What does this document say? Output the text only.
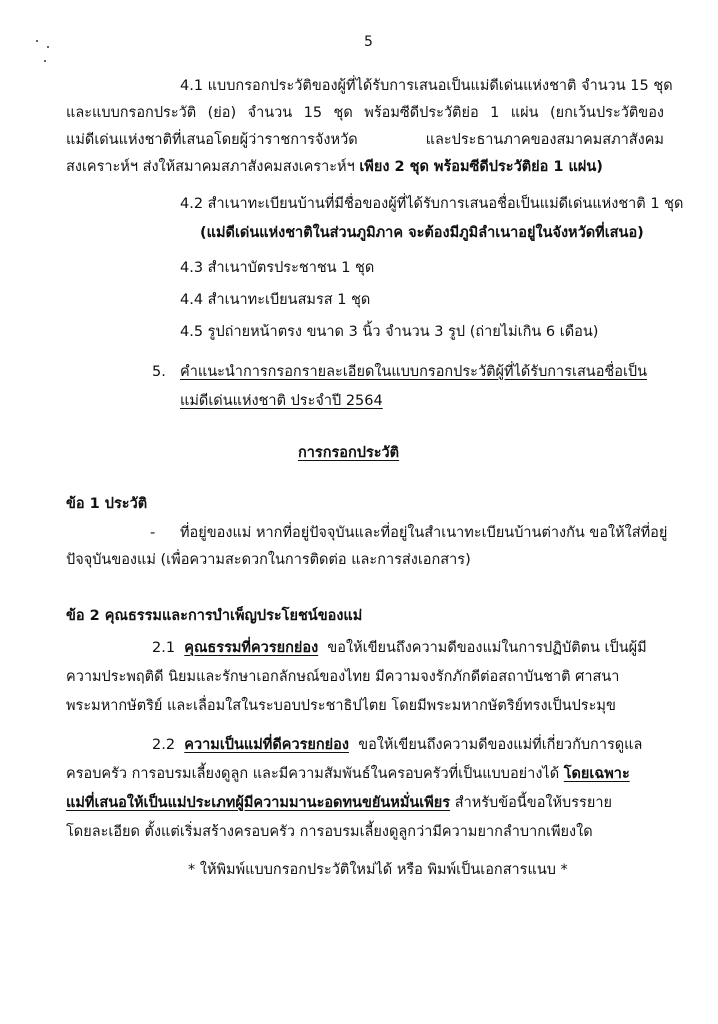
5
4.1 แบบกรอกประวัติของผู้ที่ได้รับการเสนอเป็นแม่ดีเด่นแห่งชาติ จำนวน 15 ชุด
และแบบกรอกประวัติ (ย่อ) จำนวน 15 ชุด พร้อมซีดีประวัติย่อ 1 แผ่น (ยกเว้นประวัติของ
แม่ดีเด่นแห่งชาติที่เสนอโดยผู้ว่าราชการจังหวัด และประธานภาคของสมาคมสภาสังคม
สงเคราะห์ฯ ส่งให้สมาคมสภาสังคมสงเคราะห์ฯ เพียง 2 ชุด พร้อมซีดีประวัติย่อ 1 แผ่น)
4.2 สำเนาทะเบียนบ้านที่มีชื่อของผู้ที่ได้รับการเสนอชื่อเป็นแม่ดีเด่นแห่งชาติ 1 ชุด
(แม่ดีเด่นแห่งชาติในส่วนภูมิภาค จะต้องมีภูมิลำเนาอยู่ในจังหวัดที่เสนอ)
4.3 สำเนาบัตรประชาชน 1 ชุด
4.4 สำเนาทะเบียนสมรส 1 ชุด
4.5 รูปถ่ายหน้าตรง ขนาด 3 นิ้ว จำนวน 3 รูป (ถ่ายไม่เกิน 6 เดือน)
5. คำแนะนำการกรอกรายละเอียดในแบบกรอกประวัติผู้ที่ได้รับการเสนอชื่อเป็น
แม่ดีเด่นแห่งชาติ ประจำปี 2564
การกรอกประวัติ
ข้อ 1 ประวัติ
- ที่อยู่ของแม่ หากที่อยู่ปัจจุบันและที่อยู่ในสำเนาทะเบียนบ้านต่างกัน ขอให้ใส่ที่อยู่
ปัจจุบันของแม่ (เพื่อความสะดวกในการติดต่อ และการส่งเอกสาร)
ข้อ 2 คุณธรรมและการบำเพ็ญประโยชน์ของแม่
2.1 คุณธรรมที่ควรยกย่อง ขอให้เขียนถึงความดีของแม่ในการปฏิบัติตน เป็นผู้มี
ความประพฤติดี นิยมและรักษาเอกลักษณ์ของไทย มีความจงรักภักดีต่อสถาบันชาติ ศาสนา
พระมหากษัตริย์ และเลื่อมใสในระบอบประชาธิปไตย โดยมีพระมหากษัตริย์ทรงเป็นประมุข
2.2 ความเป็นแม่ที่ดีควรยกย่อง ขอให้เขียนถึงความดีของแม่ที่เกี่ยวกับการดูแล
ครอบครัว การอบรมเลี้ยงดูลูก และมีความสัมพันธ์ในครอบครัวที่เป็นแบบอย่างได้ โดยเฉพาะ
แม่ที่เสนอให้เป็นแม่ประเภทผู้มีความมานะอดทนขยันหมั่นเพียร สำหรับข้อนี้ขอให้บรรยาย
โดยละเอียด ตั้งแต่เริ่มสร้างครอบครัว การอบรมเลี้ยงดูลูกว่ามีความยากลำบากเพียงใด
* ให้พิมพ์แบบกรอกประวัติใหม่ได้ หรือ พิมพ์เป็นเอกสารแนบ *
